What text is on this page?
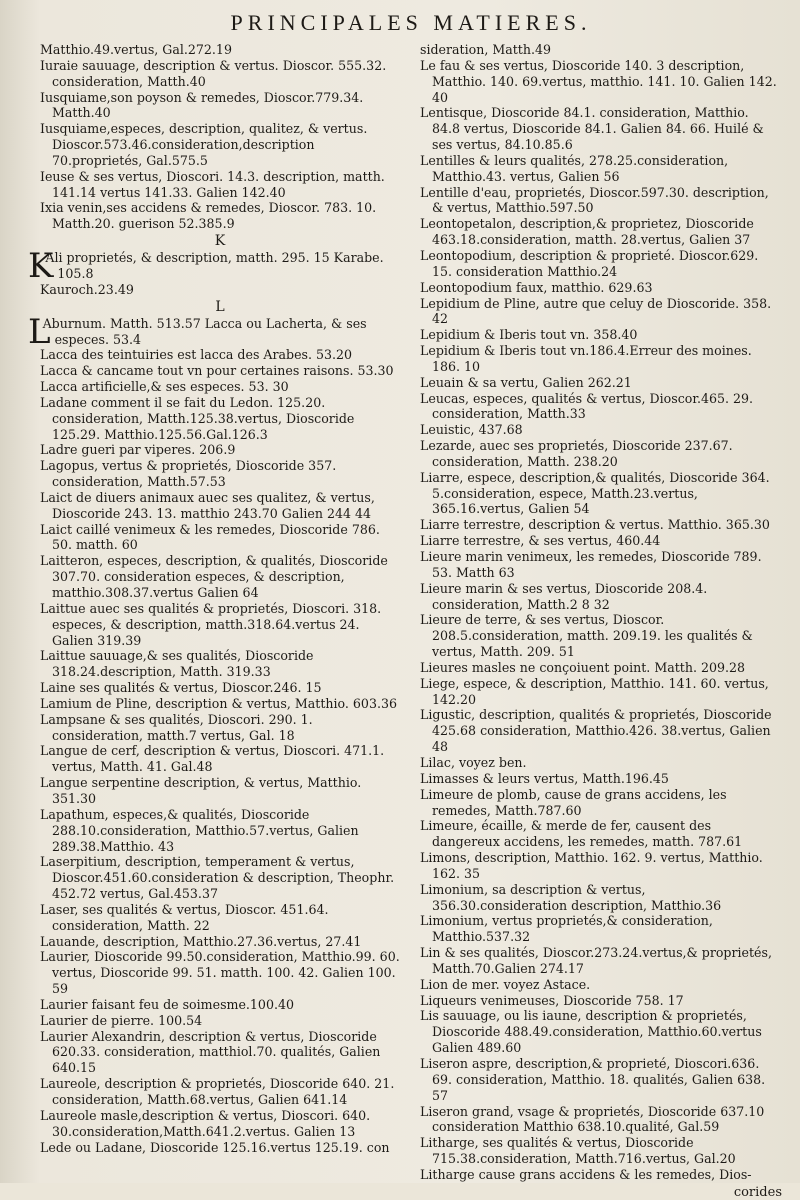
PRINCIPALES MATIERES.

Matthio.49.vertus, Gal.272.19

Iuraie sauuage, description & vertus. Dioscor. 555.32. consideration, Matth.40

Iusquiame,son poyson & remedes, Dioscor.779.34. Matth.40

Iusquiame,especes, description, qualitez, & vertus. Dioscor.573.46.consideration,description 70.proprietés, Gal.575.5

Ieuse & ses vertus, Dioscori. 14.3. description, matth. 141.14 vertus 141.33. Galien 142.40

Ixia venin,ses accidens & remedes, Dioscor. 783. 10. Matth.20. guerison 52.385.9

K

K
Ali proprietés, & description, matth. 295. 15 Karabe. 105.8

Kauroch.23.49

L

L
Aburnum. Matth. 513.57 Lacca ou Lacherta, & ses especes. 53.4

Lacca des teintuiries est lacca des Arabes. 53.20

Lacca & cancame tout vn pour certaines raisons. 53.30

Lacca artificielle,& ses especes. 53. 30

Ladane comment il se fait du Ledon. 125.20. consideration, Matth.125.38.vertus, Dioscoride 125.29. Matthio.125.56.Gal.126.3

Ladre gueri par viperes. 206.9

Lagopus, vertus & proprietés, Dioscoride 357. consideration, Matth.57.53

Laict de diuers animaux auec ses qualitez, & vertus, Dioscoride 243. 13. matthio 243.70 Galien 244 44

Laict caillé venimeux & les remedes, Dioscoride 786. 50. matth. 60

Laitteron, especes, description, & qualités, Dioscoride 307.70. consideration especes, & description, matthio.308.37.vertus Galien 64

Laittue auec ses qualités & proprietés, Dioscori. 318. especes, & description, matth.318.64.vertus 24. Galien 319.39

Laittue sauuage,& ses qualités, Dioscoride 318.24.description, Matth. 319.33

Laine ses qualités & vertus, Dioscor.246. 15

Lamium de Pline, description & vertus, Matthio. 603.36

Lampsane & ses qualités, Dioscori. 290. 1. consideration, matth.7 vertus, Gal. 18

Langue de cerf, description & vertus, Dioscori. 471.1. vertus, Matth. 41. Gal.48

Langue serpentine description, & vertus, Matthio. 351.30

Lapathum, especes,& qualités, Dioscoride 288.10.consideration, Matthio.57.vertus, Galien 289.38.Matthio. 43

Laserpitium, description, temperament & vertus, Dioscor.451.60.consideration & description, Theophr. 452.72 vertus, Gal.453.37

Laser, ses qualités & vertus, Dioscor. 451.64. consideration, Matth. 22

Lauande, description, Matthio.27.36.vertus, 27.41

Laurier, Dioscoride 99.50.consideration, Matthio.99. 60. vertus, Dioscoride 99. 51. matth. 100. 42. Galien 100. 59

Laurier faisant feu de soimesme.100.40

Laurier de pierre. 100.54

Laurier Alexandrin, description & vertus, Dioscoride 620.33. consideration, matthiol.70. qualités, Galien 640.15

Laureole, description & proprietés, Dioscoride 640. 21. consideration, Matth.68.vertus, Galien 641.14

Laureole masle,description & vertus, Dioscori. 640. 30.consideration,Matth.641.2.vertus. Galien 13

Lede ou Ladane, Dioscoride 125.16.vertus 125.19. con

sideration, Matth.49

Le fau & ses vertus, Dioscoride 140. 3 description, Matthio. 140. 69.vertus, matthio. 141. 10. Galien 142. 40

Lentisque, Dioscoride 84.1. consideration, Matthio. 84.8 vertus, Dioscoride 84.1. Galien 84. 66. Huilé & ses vertus, 84.10.85.6

Lentilles & leurs qualités, 278.25.consideration, Matthio.43. vertus, Galien 56

Lentille d'eau, proprietés, Dioscor.597.30. description, & vertus, Matthio.597.50

Leontopetalon, description,& proprietez, Dioscoride 463.18.consideration, matth. 28.vertus, Galien 37

Leontopodium, description & proprieté. Dioscor.629. 15. consideration Matthio.24

Leontopodium faux, matthio. 629.63

Lepidium de Pline, autre que celuy de Dioscoride. 358. 42

Lepidium & Iberis tout vn. 358.40

Lepidium & Iberis tout vn.186.4.Erreur des moines. 186. 10

Leuain & sa vertu, Galien 262.21

Leucas, especes, qualités & vertus, Dioscor.465. 29. consideration, Matth.33

Leuistic, 437.68

Lezarde, auec ses proprietés, Dioscoride 237.67. consideration, Matth. 238.20

Liarre, espece, description,& qualités, Dioscoride 364. 5.consideration, espece, Matth.23.vertus, 365.16.vertus, Galien 54

Liarre terrestre, description & vertus. Matthio. 365.30

Liarre terrestre, & ses vertus, 460.44

Lieure marin venimeux, les remedes, Dioscoride 789. 53. Matth 63

Lieure marin & ses vertus, Dioscoride 208.4. consideration, Matth.2 8 32

Lieure de terre, & ses vertus, Dioscor. 208.5.consideration, matth. 209.19. les qualités & vertus, Matth. 209. 51

Lieures masles ne conçoiuent point. Matth. 209.28

Liege, espece, & description, Matthio. 141. 60. vertus, 142.20

Ligustic, description, qualités & proprietés, Dioscoride 425.68 consideration, Matthio.426. 38.vertus, Galien 48

Lilac, voyez ben.

Limasses & leurs vertus, Matth.196.45

Limeure de plomb, cause de grans accidens, les remedes, Matth.787.60

Limeure, écaille, & merde de fer, causent des dangereux accidens, les remedes, matth. 787.61

Limons, description, Matthio. 162. 9. vertus, Matthio. 162. 35

Limonium, sa description & vertus, 356.30.consideration description, Matthio.36

Limonium, vertus proprietés,& consideration, Matthio.537.32

Lin & ses qualités, Dioscor.273.24.vertus,& proprietés, Matth.70.Galien 274.17

Lion de mer. voyez Astace.

Liqueurs venimeuses, Dioscoride 758. 17

Lis sauuage, ou lis iaune, description & proprietés, Dioscoride 488.49.consideration, Matthio.60.vertus Galien 489.60

Liseron aspre, description,& proprieté, Dioscori.636. 69. consideration, Matthio. 18. qualités, Galien 638. 57

Liseron grand, vsage & proprietés, Dioscoride 637.10 consideration Matthio 638.10.qualité, Gal.59

Litharge, ses qualités & vertus, Dioscoride 715.38.consideration, Matth.716.vertus, Gal.20

Litharge cause grans accidens & les remedes, Dios-

corides
